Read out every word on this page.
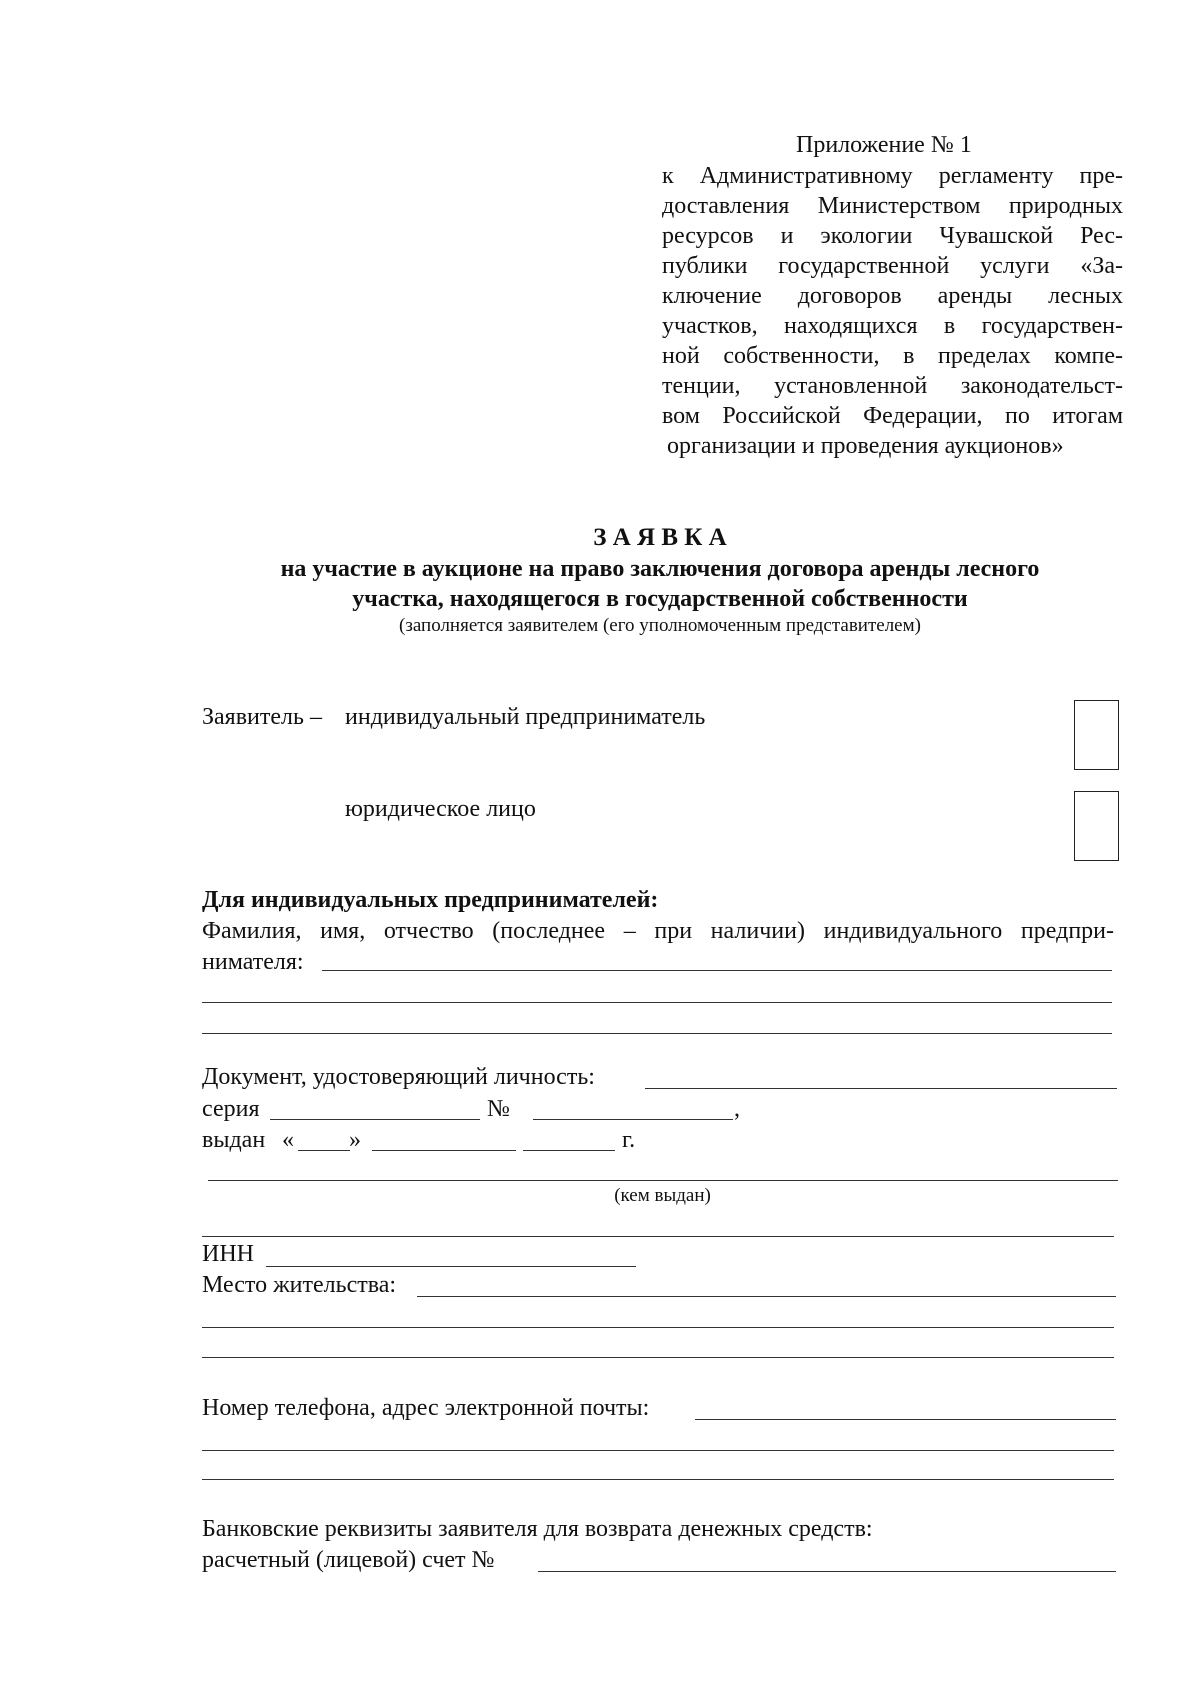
Приложение № 1
к Административному регламенту пре-
доставления Министерством природных
ресурсов и экологии Чувашской Рес-
публики государственной услуги «За-
ключение договоров аренды лесных
участков, находящихся в государствен-
ной собственности, в пределах компе-
тенции, установленной законодательст-
вом Российской Федерации, по итогам
организации и проведения аукционов»
З А Я В К А
на участие в аукционе на право заключения договора аренды лесного
участка, находящегося в государственной собственности
(заполняется заявителем (его уполномоченным представителем)
Заявитель – индивидуальный предприниматель
юридическое лицо
Для индивидуальных предпринимателей:
Фамилия, имя, отчество (последнее – при наличии) индивидуального предпри-
нимателя:
Документ, удостоверяющий личность:
серия	№	,
выдан « »	г.
(кем выдан)
ИНН
Место жительства:
Номер телефона, адрес электронной почты:
Банковские реквизиты заявителя для возврата денежных средств:
расчетный (лицевой) счет №
